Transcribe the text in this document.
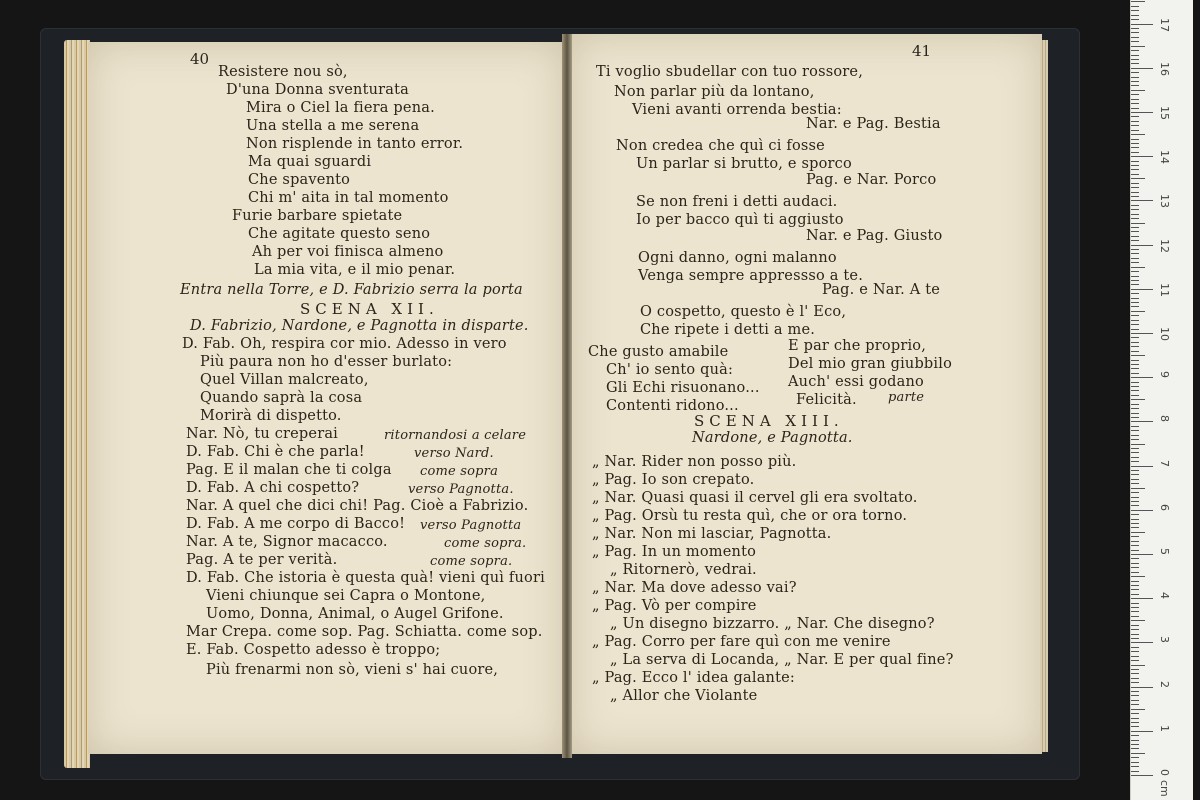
40	41
Resistere nou sò,
D'una Donna sventurata
Mira o Ciel la fiera pena.
Una stella a me serena
Non risplende in tanto error.
Ma quai sguardi
Che spavento
Chi m' aita in tal momento
Furie barbare spietate
Che agitate questo seno
Ah per voi finisca almeno
La mia vita, e il mio penar.
Entra nella Torre, e D. Fabrizio serra la porta
SCENA XII.
D. Fabrizio, Nardone, e Pagnotta in disparte.
D. Fab. Oh, respira cor mio. Adesso in vero
Più paura non ho d'esser burlato:
Quel Villan malcreato,
Quando saprà la cosa
Morirà di dispetto.
Nar. Nò, tu creperai	ritornandosi a celare
D. Fab. Chi è che parla!	verso Nard.
Pag. E il malan che ti colga come sopra
D. Fab. A chi cospetto?	verso Pagnotta.
Nar. A quel che dici chi! Pag. Cioè a Fabrizio.
D. Fab. A me corpo di Bacco! verso Pagnotta
Nar. A te, Signor macacco.	come sopra.
Pag. A te per verità.	come sopra.
D. Fab. Che istoria è questa quà! vieni quì fuori
Vieni chiunque sei Capra o Montone,
Uomo, Donna, Animal, o Augel Grifone.
Mar Crepa. come sop. Pag. Schiatta. come sop.
E. Fab. Cospetto adesso è troppo;
Più frenarmi non sò, vieni s' hai cuore,
Ti voglio sbudellar con tuo rossore,
Non parlar più da lontano,
Vieni avanti orrenda bestia:
Nar. e Pag. Bestia
Non credea che quì ci fosse
Un parlar si brutto, e sporco
Pag. e Nar. Porco
Se non freni i detti audaci.
Io per bacco quì ti aggiusto
Nar. e Pag. Giusto
Ogni danno, ogni malanno
Venga sempre appressso a te.
Pag. e Nar. A te
O cospetto, questo è l' Eco,
Che ripete i detti a me.
Che gusto amabile	E par che proprio,
Ch' io sento quà:	Del mio gran giubbilo
Gli Echi risuonano... Auch' essi godano
Contenti ridono...	Felicità. parte
SCENA XIII.
Nardone, e Pagnotta.
„ Nar. Rider non posso più.
„ Pag. Io son crepato.
„ Nar. Quasi quasi il cervel gli era svoltato.
„ Pag. Orsù tu resta quì, che or ora torno.
„ Nar. Non mi lasciar, Pagnotta.
„ Pag. In un momento
„ Ritornerò, vedrai.
„ Nar. Ma dove adesso vai?
„ Pag. Vò per compire
„ Un disegno bizzarro. „ Nar. Che disegno?
„ Pag. Corro per fare quì con me venire
„ La serva di Locanda, „ Nar. E per qual fine?
„ Pag. Ecco l' idea galante:
„ Allor che Violante
0
1
2
3
4
5
6
7
8
9
10
11
12
13
14
15
16
17
cm
